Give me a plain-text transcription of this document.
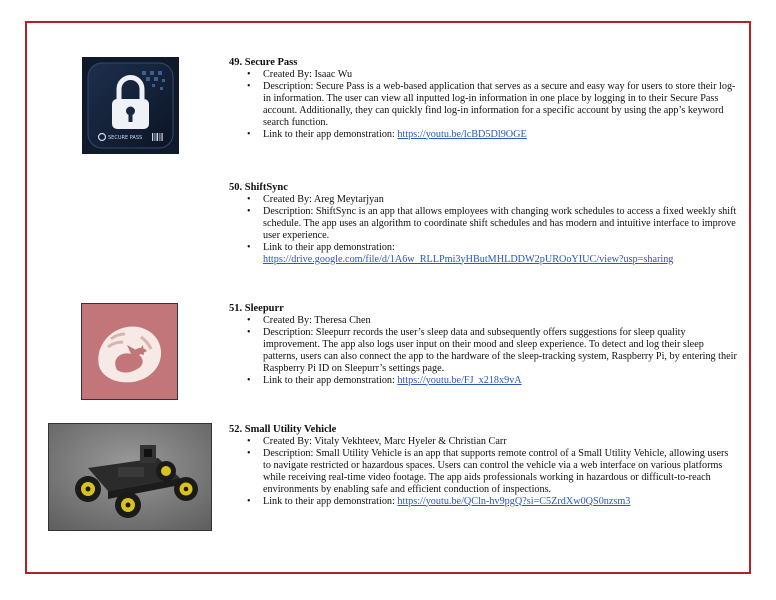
SECURE PASS

49. Secure Pass

• Created By: Isaac Wu
• Description: Secure Pass is a web-based application that serves as a secure and easy way for users to store their log-in information. The user can view all inputted log-in information in one place by logging in to their Secure Pass account. Additionally, they can quickly find log-in information for a specific account by using the app’s keyword search function.
• Link to their app demonstration: https://youtu.be/lcBD5Dl9OGE

50. ShiftSync

• Created By: Areg Meytarjyan
• Description: ShiftSync is an app that allows employees with changing work schedules to access a fixed weekly shift schedule. The app uses an algorithm to coordinate shift schedules and has modern and intuitive interface to improve user experience.
• Link to their app demonstration:
https://drive.google.com/file/d/1A6w_RLLPmi3yHButMHLDDW2pUROoYIUC/view?usp=sharing

51. Sleepurr

• Created By: Theresa Chen
• Description: Sleepurr records the user’s sleep data and subsequently offers suggestions for sleep quality improvement. The app also logs user input on their mood and sleep experience. To detect and log their sleep patterns, users can also connect the app to the hardware of the sleep-tracking system, Raspberry Pi, by entering their Raspberry Pi ID on Sleepurr’s settings page.
• Link to their app demonstration: https://youtu.be/FJ_x218x9vA

52. Small Utility Vehicle

• Created By: Vitaly Vekhteev, Marc Hyeler & Christian Carr
• Description: Small Utility Vehicle is an app that supports remote control of a Small Utility Vehicle, allowing users to navigate restricted or hazardous spaces. Users can control the vehicle via a web interface on various platforms while receiving real-time video footage. The app aids professionals working in hazardous or difficult-to-reach environments by enabling safe and efficient conduction of inspections.
• Link to their app demonstration: https://youtu.be/QCln-hv9pgQ?si=C5ZrdXw0QS0nzsm3
